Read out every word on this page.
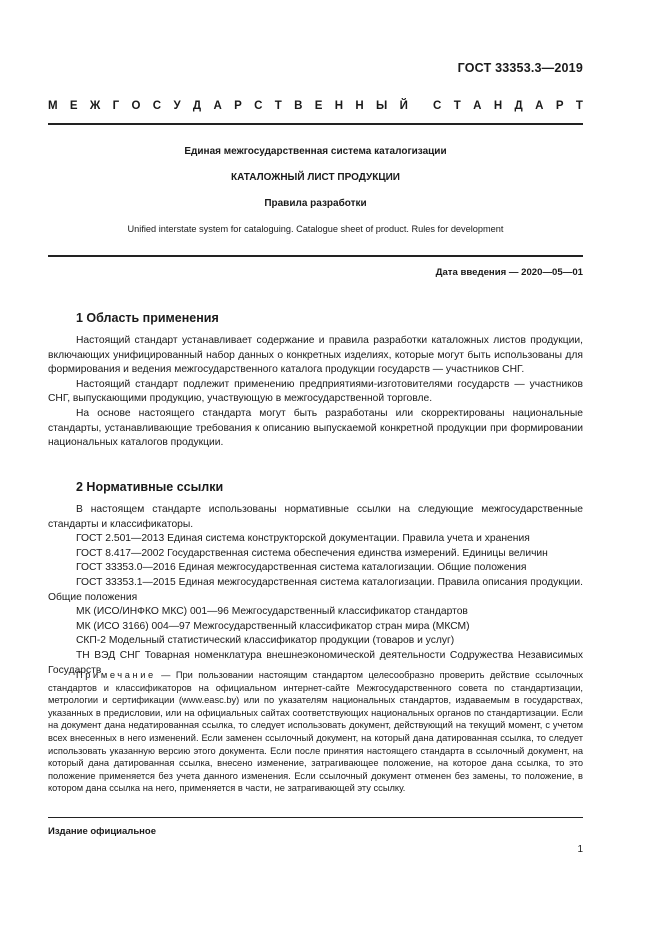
ГОСТ 33353.3—2019
М Е Ж Г О С У Д А Р С Т В Е Н Н Ы Й С Т А Н Д А Р Т
Единая межгосударственная система каталогизации
КАТАЛОЖНЫЙ ЛИСТ ПРОДУКЦИИ
Правила разработки
Unified interstate system for cataloguing. Catalogue sheet of product. Rules for development
Дата введения — 2020—05—01
1 Область применения

Настоящий стандарт устанавливает содержание и правила разработки каталожных листов продукции, включающих унифицированный набор данных о конкретных изделиях, которые могут быть использованы для формирования и ведения межгосударственного каталога продукции государств — участников СНГ.

Настоящий стандарт подлежит применению предприятиями-изготовителями государств — участников СНГ, выпускающими продукцию, участвующую в межгосударственной торговле.

На основе настоящего стандарта могут быть разработаны или скорректированы национальные стандарты, устанавливающие требования к описанию выпускаемой конкретной продукции при формировании национальных каталогов продукции.

2 Нормативные ссылки

В настоящем стандарте использованы нормативные ссылки на следующие межгосударственные стандарты и классификаторы.

ГОСТ 2.501—2013 Единая система конструкторской документации. Правила учета и хранения

ГОСТ 8.417—2002 Государственная система обеспечения единства измерений. Единицы величин

ГОСТ 33353.0—2016 Единая межгосударственная система каталогизации. Общие положения

ГОСТ 33353.1—2015 Единая межгосударственная система каталогизации. Правила описания продукции. Общие положения

МК (ИСО/ИНФКО МКС) 001—96 Межгосударственный классификатор стандартов

МК (ИСО 3166) 004—97 Межгосударственный классификатор стран мира (МКСМ)

СКП-2 Модельный статистический классификатор продукции (товаров и услуг)

ТН ВЭД СНГ Товарная номенклатура внешнеэкономической деятельности Содружества Независимых Государств

Примечание — При пользовании настоящим стандартом целесообразно проверить действие ссылочных стандартов и классификаторов на официальном интернет-сайте Межгосударственного совета по стандартизации, метрологии и сертификации (www.easc.by) или по указателям национальных стандартов, издаваемым в государствах, указанных в предисловии, или на официальных сайтах соответствующих национальных органов по стандартизации. Если на документ дана недатированная ссылка, то следует использовать документ, действующий на текущий момент, с учетом всех внесенных в него изменений. Если заменен ссылочный документ, на который дана датированная ссылка, то следует использовать указанную версию этого документа. Если после принятия настоящего стандарта в ссылочный документ, на который дана датированная ссылка, внесено изменение, затрагивающее положение, на которое дана ссылка, то это положение применяется без учета данного изменения. Если ссылочный документ отменен без замены, то положение, в котором дана ссылка на него, применяется в части, не затрагивающей эту ссылку.
Издание официальное
1
